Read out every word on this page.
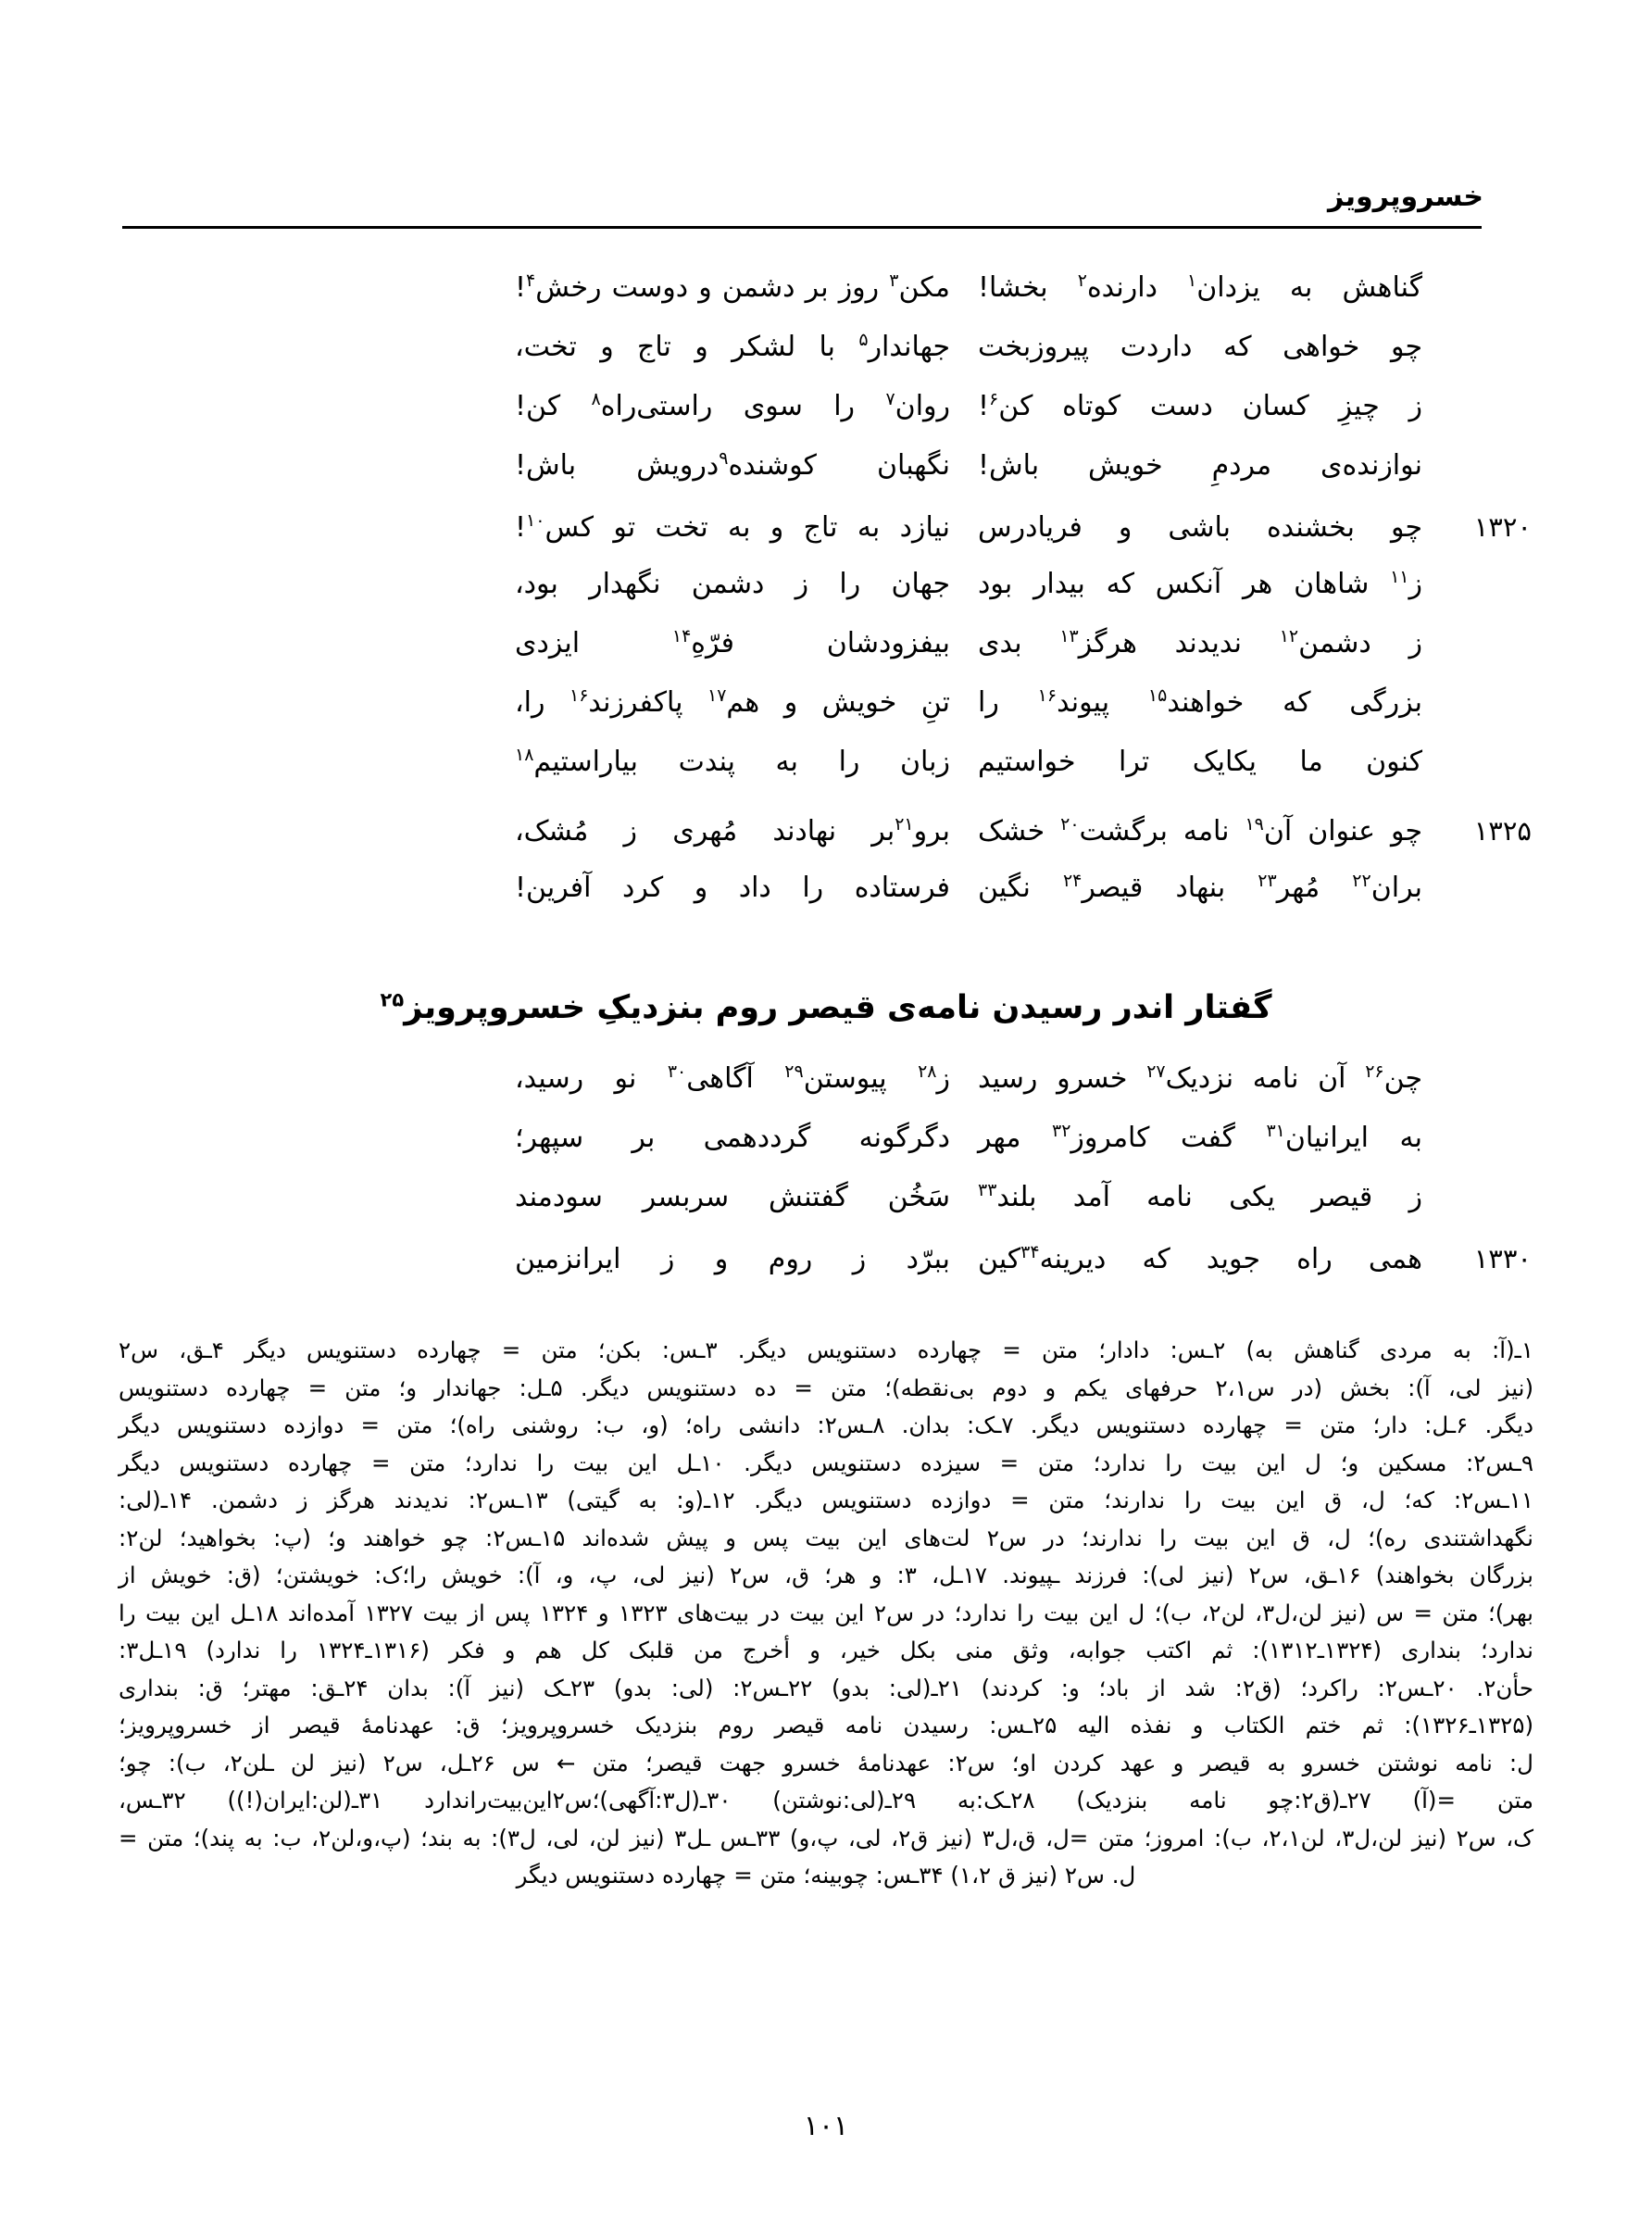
خسروپرویز
گناهش به یزدان$^۱$ دارنده$^۲$ بخشا!
مکن$^۳$ روز بر دشمن و دوست رخش$^۴$!
چو خواهی که داردت پیروزبخت
جهاندار$^۵$ با لشکر و تاج و تخت،
ز چیزِ کسان دست کوتاه کن$^۶$!
روان$^۷$ را سوی راستی‌راه$^۸$ کن!
نوازنده‌ی مردمِ خویش باش!
نگهبان کوشنده$^۹$درویش باش!
۱۳۲۰
چو بخشنده باشی و فریادرس
نیازد به تاج و به تخت تو کس$^{۱۰}$!
ز$^{۱۱}$ شاهان هر آنکس که بیدار بود
جهان را ز دشمن نگهدار بود،
ز دشمن$^{۱۲}$ ندیدند هرگز$^{۱۳}$ بدی
بیفزودشان فرّهِ$^{۱۴}$ ایزدی
بزرگی که خواهند$^{۱۵}$ پیوند$^{۱۶}$ را
تنِ خویش و هم$^{۱۷}$ پاکفرزند$^{۱۶}$ را،
کنون ما یکایک ترا خواستیم
زبان را به پندت بیاراستیم$^{۱۸}$
۱۳۲۵
چو عنوان آن$^{۱۹}$ نامه برگشت$^{۲۰}$ خشک
برو$^{۲۱}$بر نهادند مُهری ز مُشک،
بران$^{۲۲}$ مُهر$^{۲۳}$ بنهاد قیصر$^{۲۴}$ نگین
فرستاده را داد و کرد آفرین!
گفتار اندر رسیدن نامه‌ی قیصر روم بنزدیکِ خسروپرویز$^{۲۵}$
چن$^{۲۶}$ آن نامه نزدیک$^{۲۷}$ خسرو رسید
ز$^{۲۸}$ پیوستن$^{۲۹}$ آگاهی$^{۳۰}$ نو رسید،
به ایرانیان$^{۳۱}$ گفت کامروز$^{۳۲}$ مهر
دگرگونه گرددهمی بر سپهر؛
ز قیصر یکی نامه آمد بلند$^{۳۳}$
سَخُن گفتنش سربسر سودمند
۱۳۳۰
همی راه جوید که دیرینه$^{۳۴}$کین
ببرّد ز روم و ز ایرانزمین
۱ـ(آ: به مردی گناهش به) ۲ـس: دادار؛ متن = چهارده دستنویس دیگر. ۳ـس: بکن؛ متن = چهارده دستنویس دیگر ۴ـق، س۲
(نیز لی، آ): بخش (در س۲،۱ حرفهای یکم و دوم بی‌نقطه)؛ متن = ده دستنویس دیگر. ۵ـل: جهاندار و؛ متن = چهارده دستنویس
دیگر. ۶ـل: دار؛ متن = چهارده دستنویس دیگر. ۷ـک: بدان. ۸ـس۲: دانشی راه؛ (و، ب: روشنی راه)؛ متن = دوازده دستنویس دیگر
۹ـس۲: مسکین و؛ ل این بیت را ندارد؛ متن = سیزده دستنویس دیگر. ۱۰ـل این بیت را ندارد؛ متن = چهارده دستنویس دیگر
۱۱ـس۲: که؛ ل، ق این بیت را ندارند؛ متن = دوازده دستنویس دیگر. ۱۲ـ(و: به گیتی) ۱۳ـس۲: ندیدند هرگز ز دشمن. ۱۴ـ(لی:
نگهداشتندی ره)؛ ل، ق این بیت را ندارند؛ در س۲ لت‌های این بیت پس و پیش شده‌اند ۱۵ـس۲: چو خواهند و؛ (پ: بخواهید؛ لن۲:
بزرگان بخواهند) ۱۶ـق، س۲ (نیز لی): فرزند ـپیوند. ۱۷ـل، ۳: و هر؛ ق، س۲ (نیز لی، پ، و، آ): خویش را؛ک: خویشتن؛ (ق: خویش از
بهر)؛ متن = س (نیز لن،ل۳، لن۲، ب)؛ ل این بیت را ندارد؛ در س۲ این بیت در بیت‌های ۱۳۲۳ و ۱۳۲۴ پس از بیت ۱۳۲۷ آمده‌اند ۱۸ـل این بیت را
ندارد؛ بنداری (۱۳۲۴ـ۱۳۱۲): ثم اکتب جوابه، وثق منی بکل خیر، و أخرج من قلبک کل هم و فکر (۱۳۱۶ـ۱۳۲۴ را ندارد) ۱۹ـل۳:
حأن۲. ۲۰ـس۲: راکرد؛ (ق۲: شد از باد؛ و: کردند) ۲۱ـ(لی: بدو) ۲۲ـس۲: (لی: بدو) ۲۳ـک (نیز آ): بدان ۲۴ـق: مهتر؛ ق: بنداری
(۱۳۲۵ـ۱۳۲۶): ثم ختم الکتاب و نفذه الیه ۲۵ـس: رسیدن نامه قیصر روم بنزدیک خسروپرویز؛ ق: عهدنامۀ قیصر از خسروپرویز؛
ل: نامه نوشتن خسرو به قیصر و عهد کردن او؛ س۲: عهدنامۀ خسرو جهت قیصر؛ متن ← س ۲۶ـل، س۲ (نیز لن ـلن۲، ب): چو؛
متن =(آ) ۲۷ـ(ق۲:چو نامه بنزدیک) ۲۸ـک:به ۲۹ـ(لی:نوشتن) ۳۰ـ(ل۳:آگهی)؛س۲این‌بیت‌راندارد ۳۱ـ(لن:ایران(!)) ۳۲ـس،
ک، س۲ (نیز لن،ل۳، لن۲،۱، ب): امروز؛ متن =ل، ق،ل۳ (نیز ق۲، لی، پ،و) ۳۳ـس ـل۳ (نیز لن، لی، ل۳): به بند؛ (پ،و،لن۲، ب: به پند)؛ متن =
ل. س۲ (نیز ق ۱،۲) ۳۴ـس: چوبینه؛ متن = چهارده دستنویس دیگر
۱۰۱
